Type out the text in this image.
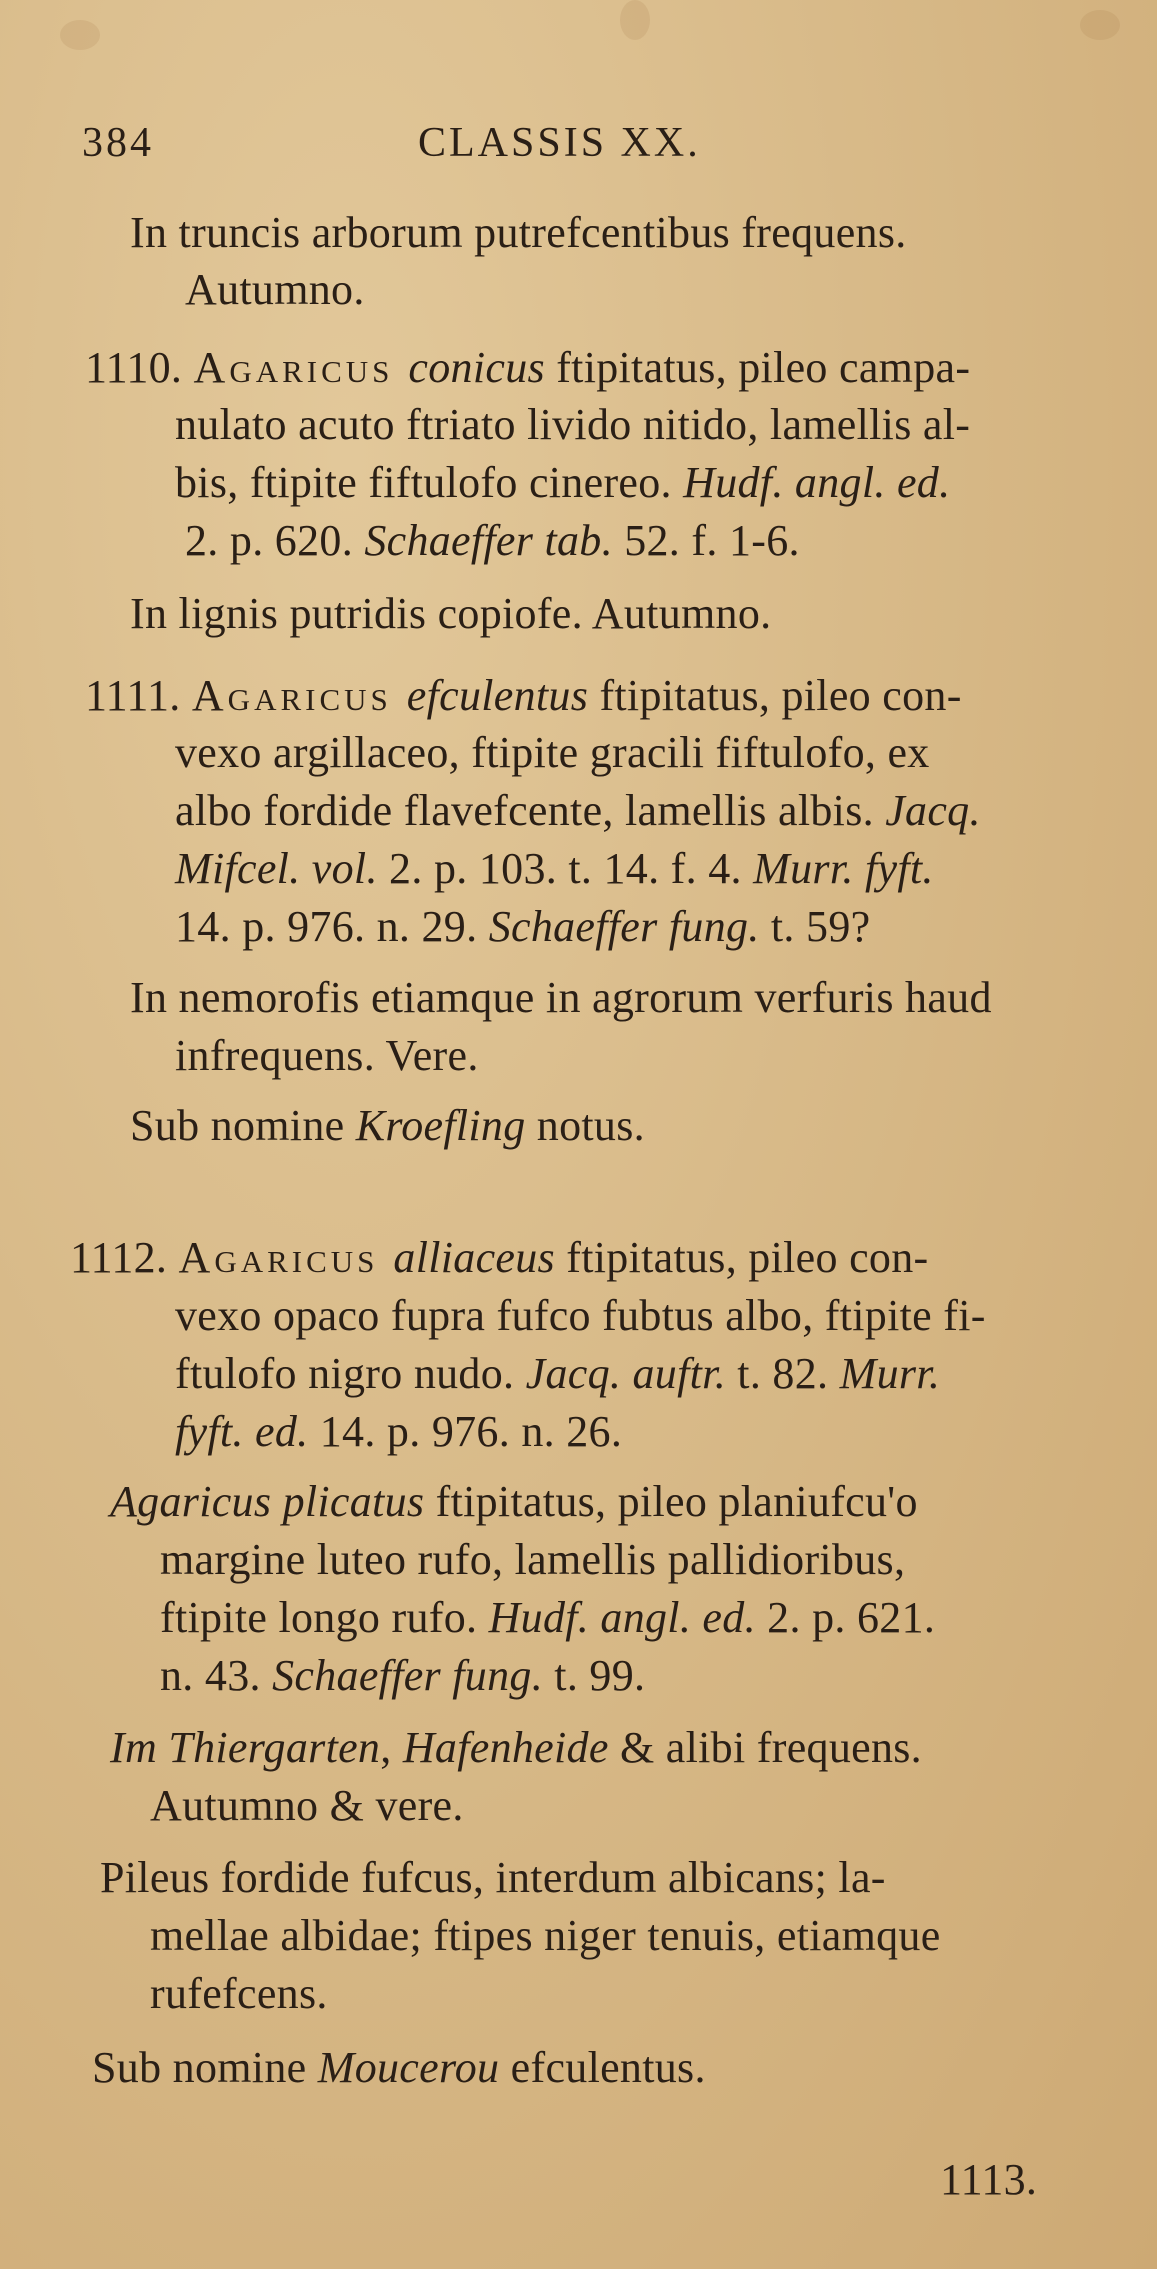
384	CLASSIS XX.
In truncis arborum putrefcentibus frequens.
Autumno.
1110. Agaricus conicus ftipitatus, pileo campa-
nulato acuto ftriato livido nitido, lamellis al-
bis, ftipite fiftulofo cinereo. Hudf. angl. ed.
2. p. 620. Schaeffer tab. 52. f. 1-6.
In lignis putridis copiofe. Autumno.
1111. Agaricus efculentus ftipitatus, pileo con-
vexo argillaceo, ftipite gracili fiftulofo, ex
albo fordide flavefcente, lamellis albis. Jacq.
Mifcel. vol. 2. p. 103. t. 14. f. 4. Murr. fyft.
14. p. 976. n. 29. Schaeffer fung. t. 59?
In nemorofis etiamque in agrorum verfuris haud
infrequens. Vere.
Sub nomine Kroefling notus.
1112. Agaricus alliaceus ftipitatus, pileo con-
vexo opaco fupra fufco fubtus albo, ftipite fi-
ftulofo nigro nudo. Jacq. auftr. t. 82. Murr.
fyft. ed. 14. p. 976. n. 26.
Agaricus plicatus ftipitatus, pileo planiufcu'o
margine luteo rufo, lamellis pallidioribus,
ftipite longo rufo. Hudf. angl. ed. 2. p. 621.
n. 43. Schaeffer fung. t. 99.
Im Thiergarten, Hafenheide & alibi frequens.
Autumno & vere.
Pileus fordide fufcus, interdum albicans; la-
mellae albidae; ftipes niger tenuis, etiamque
rufefcens.
Sub nomine Moucerou efculentus.
1113.
